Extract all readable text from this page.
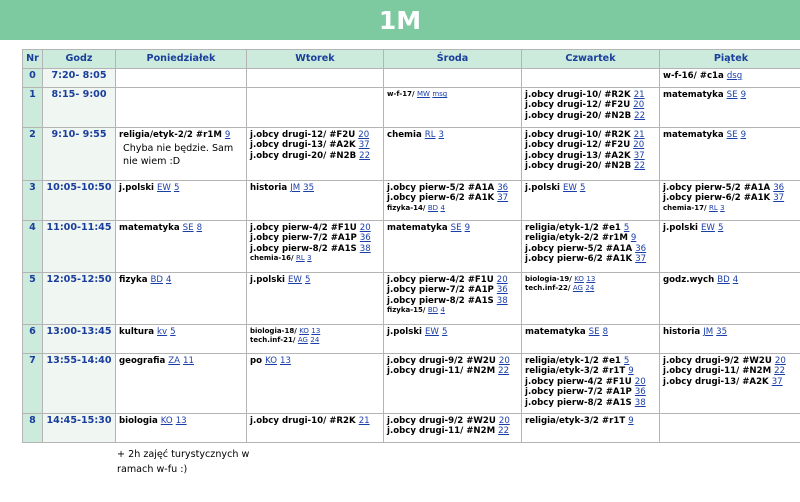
1M
Nr	Godz	Poniedziałek	Wtorek	Środa	Czwartek	Piątek
0	7:20- 8:05					w-f-16/ #c1a dsg

1	8:15- 9:00			w-f-17/ MW msg	j.obcy drugi-10/ #R2K 21
j.obcy drugi-12/ #F2U 20
j.obcy drugi-20/ #N2B 22	matematyka SE 9

2	9:10- 9:55	religia/etyk-2/2 #r1M 9
Chyba nie będzie. Sam nie wiem :D	j.obcy drugi-12/ #F2U 20
j.obcy drugi-13/ #A2K 37
j.obcy drugi-20/ #N2B 22	chemia RL 3	j.obcy drugi-10/ #R2K 21
j.obcy drugi-12/ #F2U 20
j.obcy drugi-13/ #A2K 37
j.obcy drugi-20/ #N2B 22	matematyka SE 9

3	10:05-10:50	j.polski EW 5	historia JM 35	j.obcy pierw-5/2 #A1A 36
j.obcy pierw-6/2 #A1K 37
fizyka-14/ BD 4	j.polski EW 5	j.obcy pierw-5/2 #A1A 36
j.obcy pierw-6/2 #A1K 37
chemia-17/ RL 3

4	11:00-11:45	matematyka SE 8	j.obcy pierw-4/2 #F1U 20
j.obcy pierw-7/2 #A1P 36
j.obcy pierw-8/2 #A1S 38
chemia-16/ RL 3	matematyka SE 9	religia/etyk-1/2 #e1 5
religia/etyk-2/2 #r1M 9
j.obcy pierw-5/2 #A1A 36
j.obcy pierw-6/2 #A1K 37	j.polski EW 5

5	12:05-12:50	fizyka BD 4	j.polski EW 5	j.obcy pierw-4/2 #F1U 20
j.obcy pierw-7/2 #A1P 36
j.obcy pierw-8/2 #A1S 38
fizyka-15/ BD 4	biologia-19/ KO 13
tech.inf-22/ AG 24	godz.wych BD 4

6	13:00-13:45	kultura kv 5	biologia-18/ KO 13
tech.inf-21/ AG 24	j.polski EW 5	matematyka SE 8	historia JM 35

7	13:55-14:40	geografia ZA 11	po KO 13	j.obcy drugi-9/2 #W2U 20
j.obcy drugi-11/ #N2M 22	religia/etyk-1/2 #e1 5
religia/etyk-3/2 #r1T 9
j.obcy pierw-4/2 #F1U 20
j.obcy pierw-7/2 #A1P 36
j.obcy pierw-8/2 #A1S 38	j.obcy drugi-9/2 #W2U 20
j.obcy drugi-11/ #N2M 22
j.obcy drugi-13/ #A2K 37

8	14:45-15:30	biologia KO 13	j.obcy drugi-10/ #R2K 21	j.obcy drugi-9/2 #W2U 20
j.obcy drugi-11/ #N2M 22	religia/etyk-3/2 #r1T 9	

+ 2h zajęć turystycznych w ramach w-fu :)
